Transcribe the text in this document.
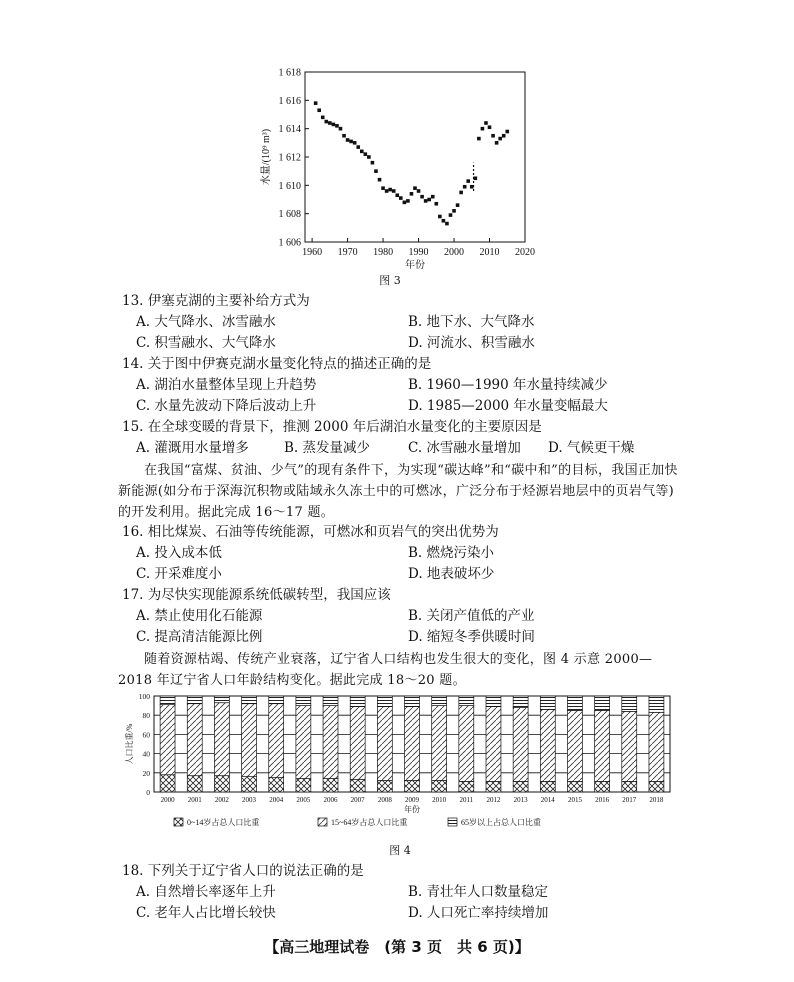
1 606
1 608
1 610
1 612
1 614
1 616
1 618
1960 1970 1980 1990 2000 2010 2020
水量/(10⁹ m³)
年份
图 3
13. 伊塞克湖的主要补给方式为
A. 大气降水、冰雪融水	B. 地下水、大气降水
C. 积雪融水、大气降水	D. 河流水、积雪融水
14. 关于图中伊赛克湖水量变化特点的描述正确的是
A. 湖泊水量整体呈现上升趋势	B. 1960—1990 年水量持续减少
C. 水量先波动下降后波动上升	D. 1985—2000 年水量变幅最大
15. 在全球变暖的背景下，推测 2000 年后湖泊水量变化的主要原因是
A. 灌溉用水量增多	B. 蒸发量减少	C. 冰雪融水量增加 D. 气候更干燥
在我国“富煤、贫油、少气”的现有条件下，为实现“碳达峰”和“碳中和”的目标，我国正加快新能源(如分布于深海沉积物或陆域永久冻土中的可燃冰，广泛分布于烃源岩地层中的页岩气等)的开发利用。据此完成 16～17 题。
16. 相比煤炭、石油等传统能源，可燃冰和页岩气的突出优势为
A. 投入成本低	B. 燃烧污染小
C. 开采难度小	D. 地表破坏少
17. 为尽快实现能源系统低碳转型，我国应该
A. 禁止使用化石能源	B. 关闭产值低的产业
C. 提高清洁能源比例	D. 缩短冬季供暖时间
随着资源枯竭、传统产业衰落，辽宁省人口结构也发生很大的变化，图 4 示意 2000—2018 年辽宁省人口年龄结构变化。据此完成 18～20 题。
0
20
40
60
80
100
2000 2001 2002 2003 2004 2005 2006 2007 2008 2009 2010 2011 2012 2013 2014 2015 2016 2017 2018
人口比重/%
年份
0~14岁占总人口比重	15~64岁占总人口比重	65岁以上占总人口比重
图 4
18. 下列关于辽宁省人口的说法正确的是
A. 自然增长率逐年上升	B. 青壮年人口数量稳定
C. 老年人占比增长较快	D. 人口死亡率持续增加
【高三地理试卷　(第 3 页　共 6 页)】
